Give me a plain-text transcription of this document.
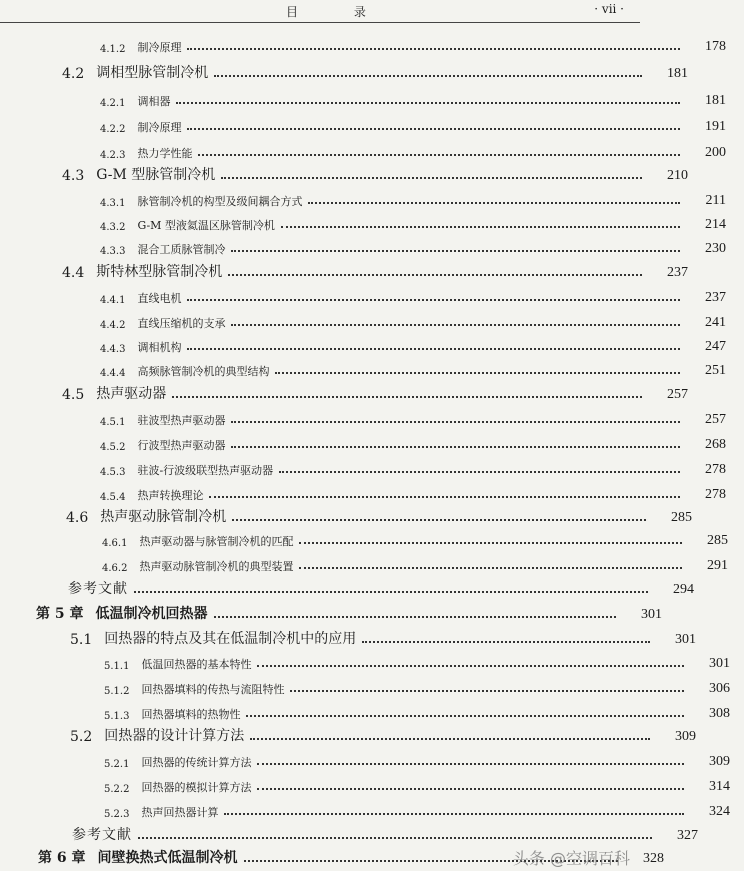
目 录	· vii ·
4.1.2 制冷原理	178
4.2 调相型脉管制冷机	181
4.2.1 调相器	181
4.2.2 制冷原理	191
4.2.3 热力学性能	200
4.3 G-M 型脉管制冷机	210
4.3.1 脉管制冷机的构型及级间耦合方式	211
4.3.2 G-M 型液氦温区脉管制冷机	214
4.3.3 混合工质脉管制冷	230
4.4 斯特林型脉管制冷机	237
4.4.1 直线电机	237
4.4.2 直线压缩机的支承	241
4.4.3 调相机构	247
4.4.4 高频脉管制冷机的典型结构	251
4.5 热声驱动器	257
4.5.1 驻波型热声驱动器	257
4.5.2 行波型热声驱动器	268
4.5.3 驻波-行波级联型热声驱动器	278
4.5.4 热声转换理论	278
4.6 热声驱动脉管制冷机	285
4.6.1 热声驱动器与脉管制冷机的匹配	285
4.6.2 热声驱动脉管制冷机的典型装置	291
参考文献	294
第 5 章 低温制冷机回热器	301
5.1 回热器的特点及其在低温制冷机中的应用	301
5.1.1 低温回热器的基本特性	301
5.1.2 回热器填料的传热与流阻特性	306
5.1.3 回热器填料的热物性	308
5.2 回热器的设计计算方法	309
5.2.1 回热器的传统计算方法	309
5.2.2 回热器的模拟计算方法	314
5.2.3 热声回热器计算	324
参考文献	327
第 6 章 间壁换热式低温制冷机	328
头条 @空调百科
